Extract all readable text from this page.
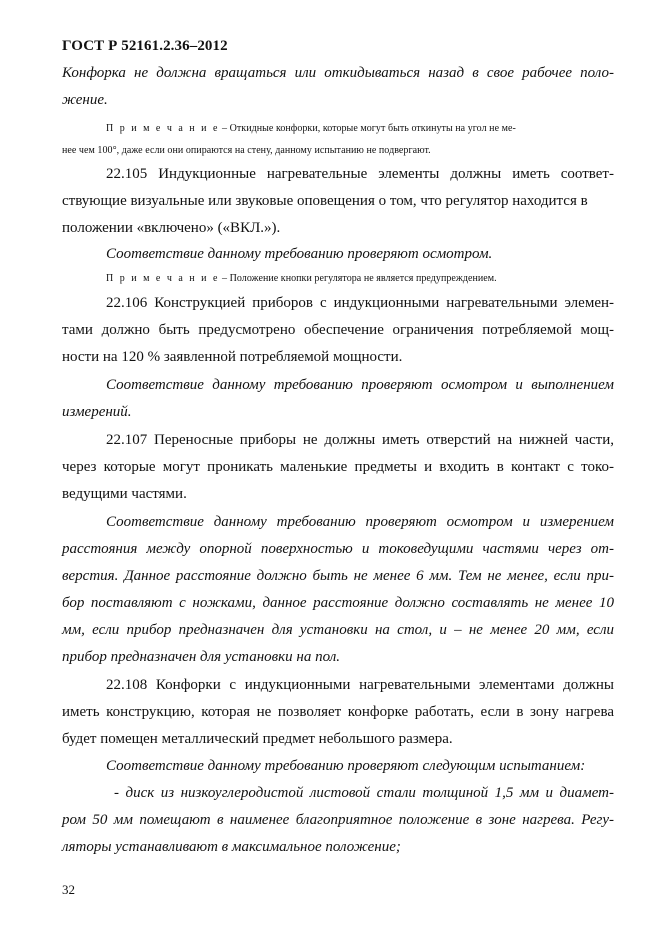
ГОСТ Р 52161.2.36–2012
Конфорка не должна вращаться или откидываться назад в свое рабочее поло-
жение.
П р и м е ч а н и е – Откидные конфорки, которые могут быть откинуты на угол не ме-
нее чем 100°, даже если они опираются на стену, данному испытанию не подвергают.
22.105 Индукционные нагревательные элементы должны иметь соответ-
ствующие визуальные или звуковые оповещения о том, что регулятор находится в
положении «включено» («ВКЛ.»).
Соответствие данному требованию проверяют осмотром.
П р и м е ч а н и е – Положение кнопки регулятора не является предупреждением.
22.106 Конструкцией приборов с индукционными нагревательными элемен-
тами должно быть предусмотрено обеспечение ограничения потребляемой мощ-
ности на 120 % заявленной потребляемой мощности.
Соответствие данному требованию проверяют осмотром и выполнением
измерений.
22.107 Переносные приборы не должны иметь отверстий на нижней части,
через которые могут проникать маленькие предметы и входить в контакт с токо-
ведущими частями.
Соответствие данному требованию проверяют осмотром и измерением
расстояния между опорной поверхностью и токоведущими частями через от-
верстия. Данное расстояние должно быть не менее 6 мм. Тем не менее, если при-
бор поставляют с ножками, данное расстояние должно составлять не менее 10
мм, если прибор предназначен для установки на стол, и – не менее 20 мм, если
прибор предназначен для установки на пол.
22.108 Конфорки с индукционными нагревательными элементами должны
иметь конструкцию, которая не позволяет конфорке работать, если в зону нагрева
будет помещен металлический предмет небольшого размера.
Соответствие данному требованию проверяют следующим испытанием:
- диск из низкоуглеродистой листовой стали толщиной 1,5 мм и диамет-
ром 50 мм помещают в наименее благоприятное положение в зоне нагрева. Регу-
ляторы устанавливают в максимальное положение;
32
